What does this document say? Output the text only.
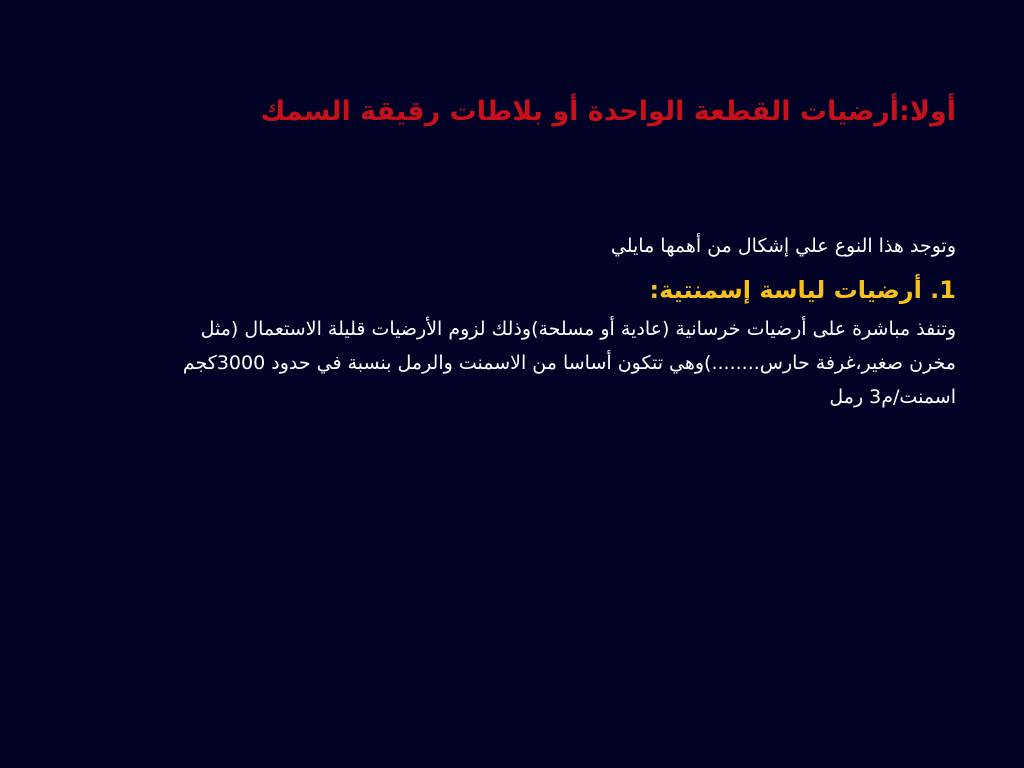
أولا:أرضيات القطعة الواحدة أو بلاطات رقيقة السمك

وتوجد هذا النوع علي إشكال من أهمها مايلي

1. أرضيات لياسة إسمنتية:

وتنفذ مباشرة على أرضيات خرسانية (عادية أو مسلحة)وذلك لزوم الأرضيات قليلة الاستعمال (مثل مخرن صغير،غرفة حارس........)وهي تتكون أساسا من الاسمنت والرمل بنسبة في حدود 3000كجم اسمنت/م3 رمل
